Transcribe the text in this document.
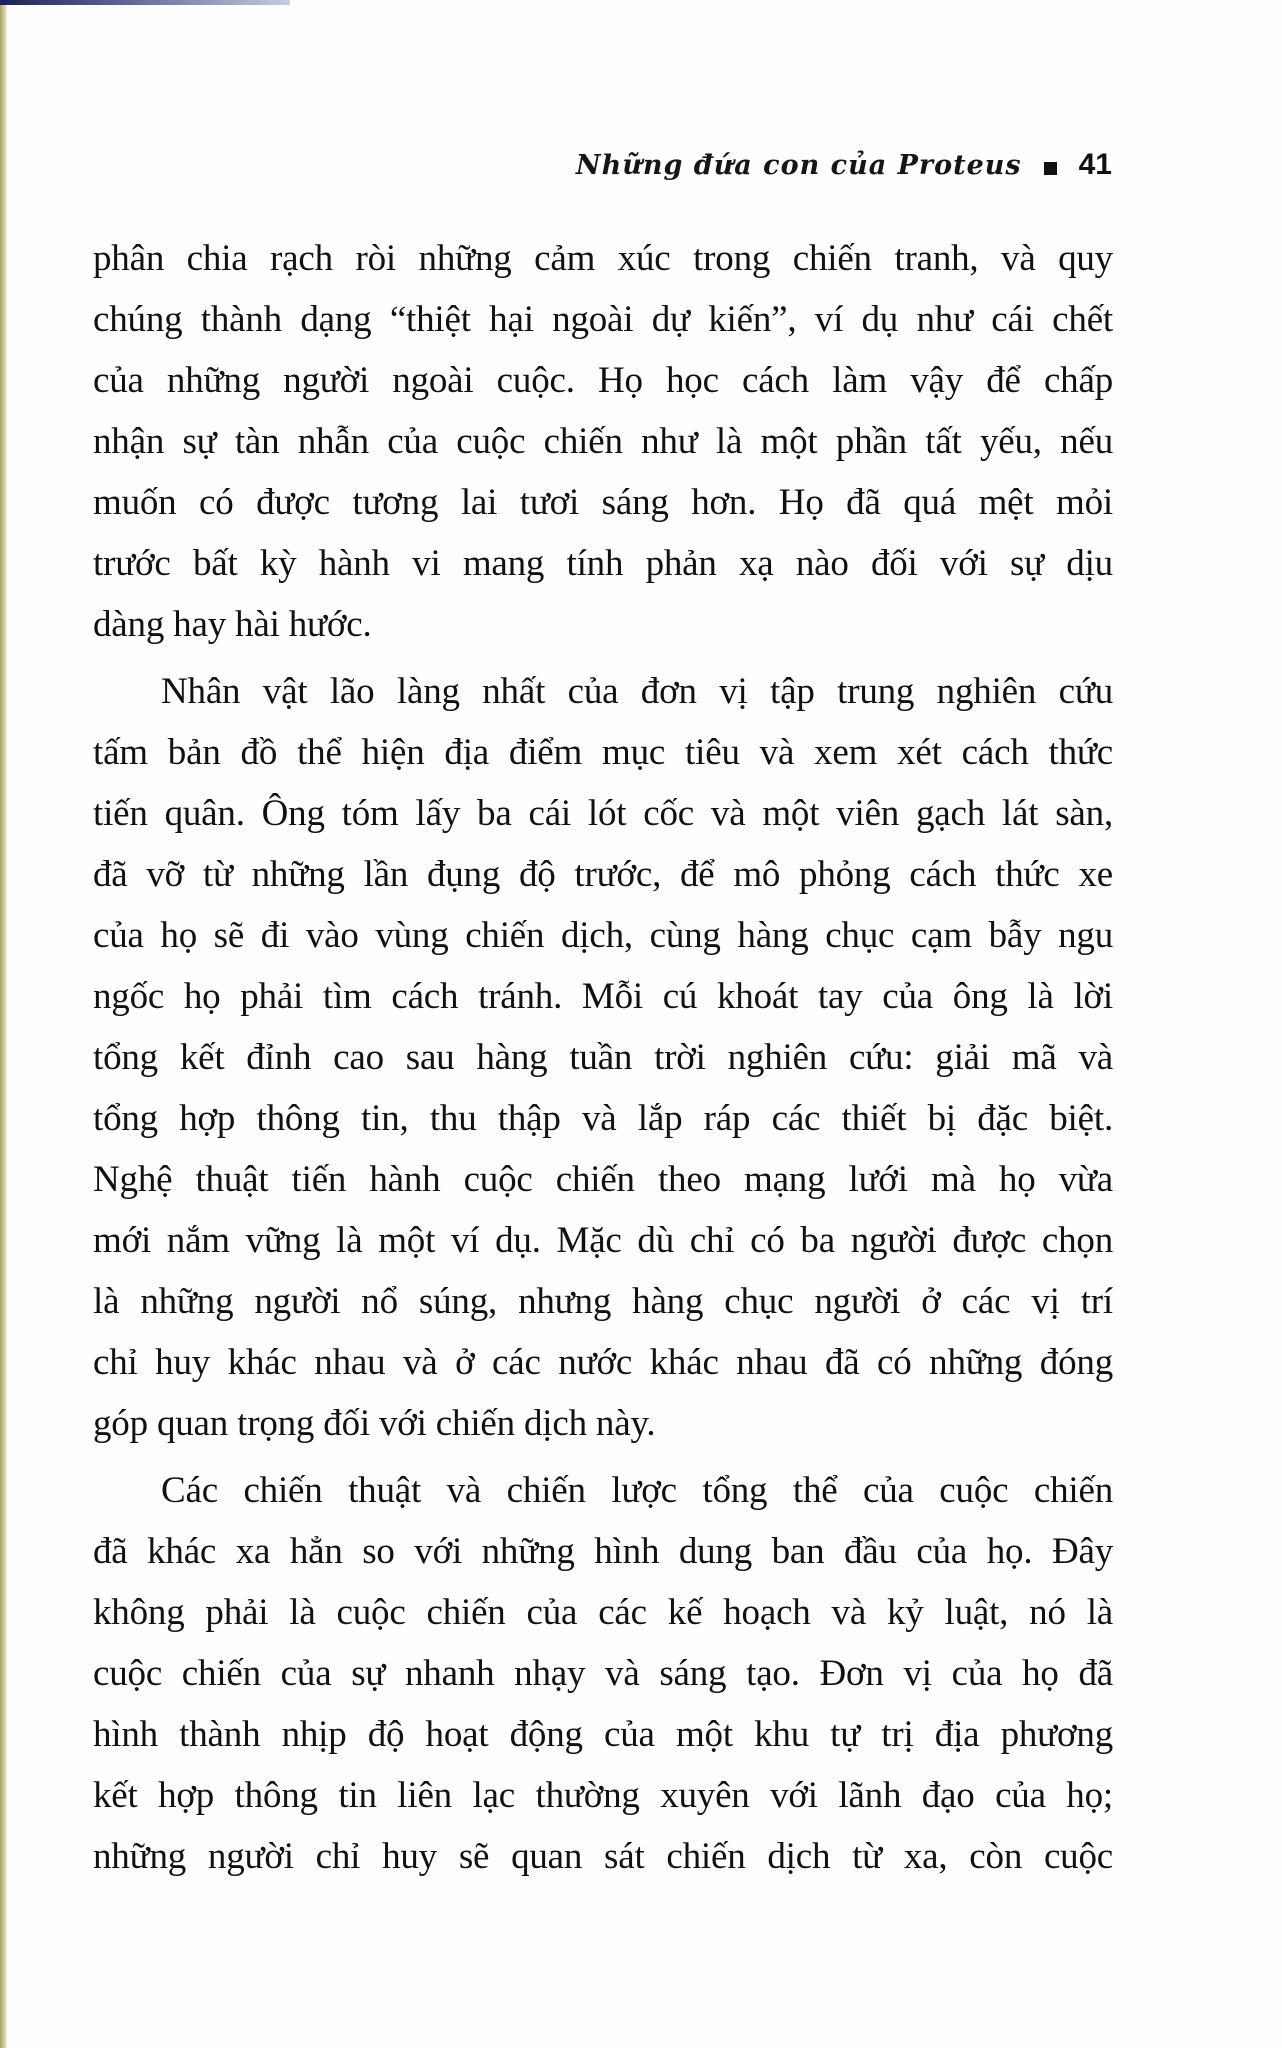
Những đứa con của Proteus 41
phân chia rạch ròi những cảm xúc trong chiến tranh, và quy
chúng thành dạng “thiệt hại ngoài dự kiến”, ví dụ như cái chết
của những người ngoài cuộc. Họ học cách làm vậy để chấp
nhận sự tàn nhẫn của cuộc chiến như là một phần tất yếu, nếu
muốn có được tương lai tươi sáng hơn. Họ đã quá mệt mỏi
trước bất kỳ hành vi mang tính phản xạ nào đối với sự dịu
dàng hay hài hước.
Nhân vật lão làng nhất của đơn vị tập trung nghiên cứu
tấm bản đồ thể hiện địa điểm mục tiêu và xem xét cách thức
tiến quân. Ông tóm lấy ba cái lót cốc và một viên gạch lát sàn,
đã vỡ từ những lần đụng độ trước, để mô phỏng cách thức xe
của họ sẽ đi vào vùng chiến dịch, cùng hàng chục cạm bẫy ngu
ngốc họ phải tìm cách tránh. Mỗi cú khoát tay của ông là lời
tổng kết đỉnh cao sau hàng tuần trời nghiên cứu: giải mã và
tổng hợp thông tin, thu thập và lắp ráp các thiết bị đặc biệt.
Nghệ thuật tiến hành cuộc chiến theo mạng lưới mà họ vừa
mới nắm vững là một ví dụ. Mặc dù chỉ có ba người được chọn
là những người nổ súng, nhưng hàng chục người ở các vị trí
chỉ huy khác nhau và ở các nước khác nhau đã có những đóng
góp quan trọng đối với chiến dịch này.
Các chiến thuật và chiến lược tổng thể của cuộc chiến
đã khác xa hẳn so với những hình dung ban đầu của họ. Đây
không phải là cuộc chiến của các kế hoạch và kỷ luật, nó là
cuộc chiến của sự nhanh nhạy và sáng tạo. Đơn vị của họ đã
hình thành nhịp độ hoạt động của một khu tự trị địa phương
kết hợp thông tin liên lạc thường xuyên với lãnh đạo của họ;
những người chỉ huy sẽ quan sát chiến dịch từ xa, còn cuộc
